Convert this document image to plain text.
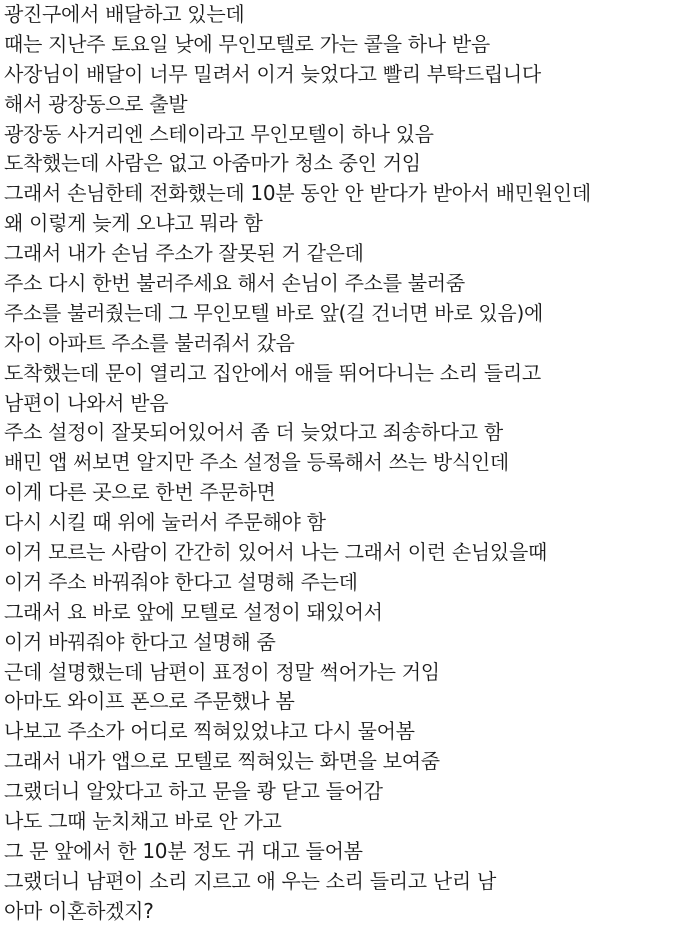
광진구에서 배달하고 있는데
때는 지난주 토요일 낮에 무인모텔로 가는 콜을 하나 받음
사장님이 배달이 너무 밀려서 이거 늦었다고 빨리 부탁드립니다
해서 광장동으로 출발
광장동 사거리엔 스테이라고 무인모텔이 하나 있음
도착했는데 사람은 없고 아줌마가 청소 중인 거임
그래서 손님한테 전화했는데 10분 동안 안 받다가 받아서 배민원인데
왜 이렇게 늦게 오냐고 뭐라 함
그래서 내가 손님 주소가 잘못된 거 같은데
주소 다시 한번 불러주세요 해서 손님이 주소를 불러줌
주소를 불러줬는데 그 무인모텔 바로 앞(길 건너면 바로 있음)에
자이 아파트 주소를 불러줘서 갔음
도착했는데 문이 열리고 집안에서 애들 뛰어다니는 소리 들리고
남편이 나와서 받음
주소 설정이 잘못되어있어서 좀 더 늦었다고 죄송하다고 함
배민 앱 써보면 알지만 주소 설정을 등록해서 쓰는 방식인데
이게 다른 곳으로 한번 주문하면
다시 시킬 때 위에 눌러서 주문해야 함
이거 모르는 사람이 간간히 있어서 나는 그래서 이런 손님있을때
이거 주소 바꿔줘야 한다고 설명해 주는데
그래서 요 바로 앞에 모텔로 설정이 돼있어서
이거 바꿔줘야 한다고 설명해 줌
근데 설명했는데 남편이 표정이 정말 썩어가는 거임
아마도 와이프 폰으로 주문했나 봄
나보고 주소가 어디로 찍혀있었냐고 다시 물어봄
그래서 내가 앱으로 모텔로 찍혀있는 화면을 보여줌
그랬더니 알았다고 하고 문을 쾅 닫고 들어감
나도 그때 눈치채고 바로 안 가고
그 문 앞에서 한 10분 정도 귀 대고 들어봄
그랬더니 남편이 소리 지르고 애 우는 소리 들리고 난리 남
아마 이혼하겠지?
